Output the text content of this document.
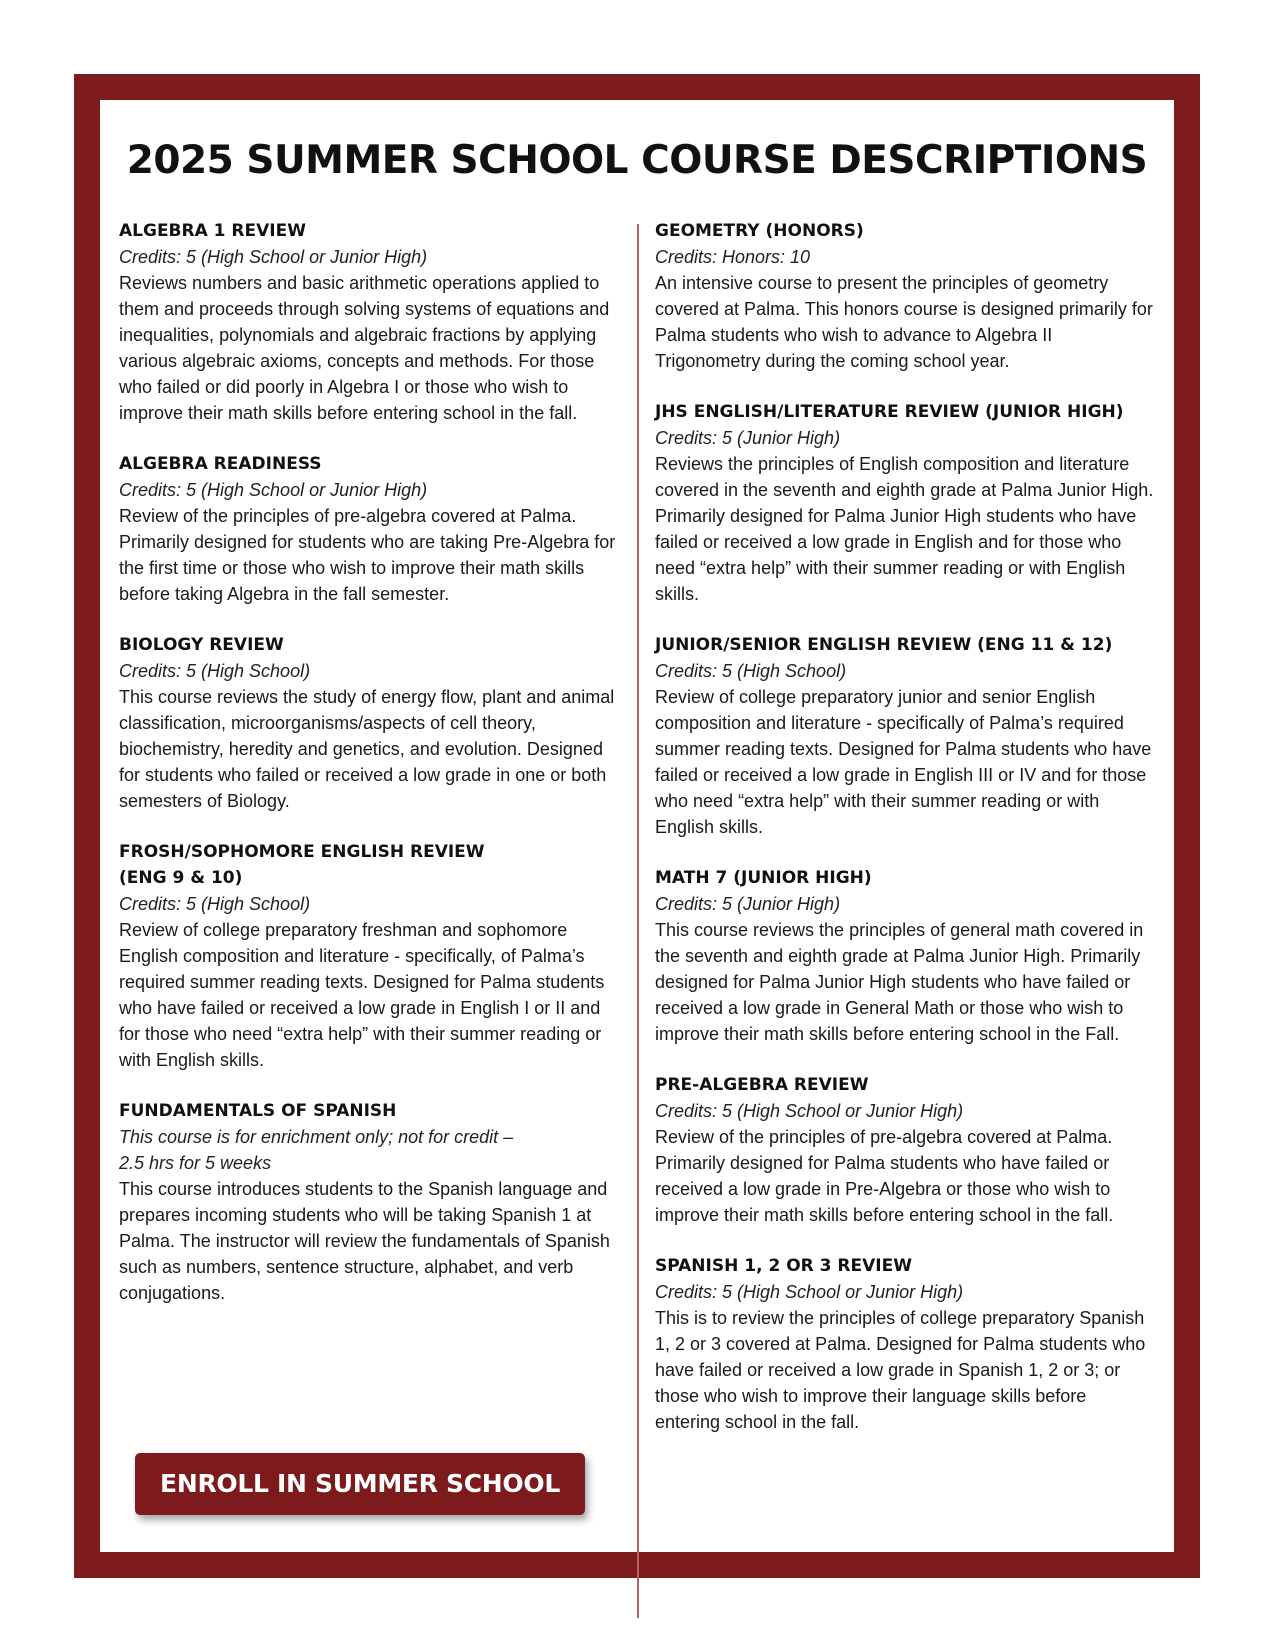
2025 SUMMER SCHOOL COURSE DESCRIPTIONS

ALGEBRA 1 REVIEW

Credits: 5 (High School or Junior High)

Reviews numbers and basic arithmetic operations applied to them and proceeds through solving systems of equations and inequalities, polynomials and algebraic fractions by applying various algebraic axioms, concepts and methods. For those who failed or did poorly in Algebra I or those who wish to improve their math skills before entering school in the fall.

ALGEBRA READINESS

Credits: 5 (High School or Junior High)

Review of the principles of pre-algebra covered at Palma. Primarily designed for students who are taking Pre-Algebra for the first time or those who wish to improve their math skills before taking Algebra in the fall semester.

BIOLOGY REVIEW

Credits: 5 (High School)

This course reviews the study of energy flow, plant and animal classification, microorganisms/aspects of cell theory, biochemistry, heredity and genetics, and evolution. Designed for students who failed or received a low grade in one or both semesters of Biology.

FROSH/SOPHOMORE ENGLISH REVIEW
(ENG 9 & 10)

Credits: 5 (High School)

Review of college preparatory freshman and sophomore English composition and literature - specifically, of Palma’s required summer reading texts. Designed for Palma students who have failed or received a low grade in English I or II and for those who need “extra help” with their summer reading or with English skills.

FUNDAMENTALS OF SPANISH

This course is for enrichment only; not for credit –
2.5 hrs for 5 weeks

This course introduces students to the Spanish language and prepares incoming students who will be taking Spanish 1 at Palma. The instructor will review the fundamentals of Spanish such as numbers, sentence structure, alphabet, and verb conjugations.

GEOMETRY (HONORS)

Credits: Honors: 10

An intensive course to present the principles of geometry covered at Palma. This honors course is designed primarily for Palma students who wish to advance to Algebra II Trigonometry during the coming school year.

JHS ENGLISH/LITERATURE REVIEW (JUNIOR HIGH)

Credits: 5 (Junior High)

Reviews the principles of English composition and literature covered in the seventh and eighth grade at Palma Junior High. Primarily designed for Palma Junior High students who have failed or received a low grade in English and for those who need “extra help” with their summer reading or with English skills.

JUNIOR/SENIOR ENGLISH REVIEW (ENG 11 & 12)

Credits: 5 (High School)

Review of college preparatory junior and senior English composition and literature - specifically of Palma’s required summer reading texts. Designed for Palma students who have failed or received a low grade in English III or IV and for those who need “extra help” with their summer reading or with English skills.

MATH 7 (JUNIOR HIGH)

Credits: 5 (Junior High)

This course reviews the principles of general math covered in the seventh and eighth grade at Palma Junior High. Primarily designed for Palma Junior High students who have failed or received a low grade in General Math or those who wish to improve their math skills before entering school in the Fall.

PRE-ALGEBRA REVIEW

Credits: 5 (High School or Junior High)

Review of the principles of pre-algebra covered at Palma. Primarily designed for Palma students who have failed or received a low grade in Pre-Algebra or those who wish to improve their math skills before entering school in the fall.

SPANISH 1, 2 OR 3 REVIEW

Credits: 5 (High School or Junior High)

This is to review the principles of college preparatory Spanish 1, 2 or 3 covered at Palma. Designed for Palma students who have failed or received a low grade in Spanish 1, 2 or 3; or those who wish to improve their language skills before entering school in the fall.

ENROLL IN SUMMER SCHOOL
